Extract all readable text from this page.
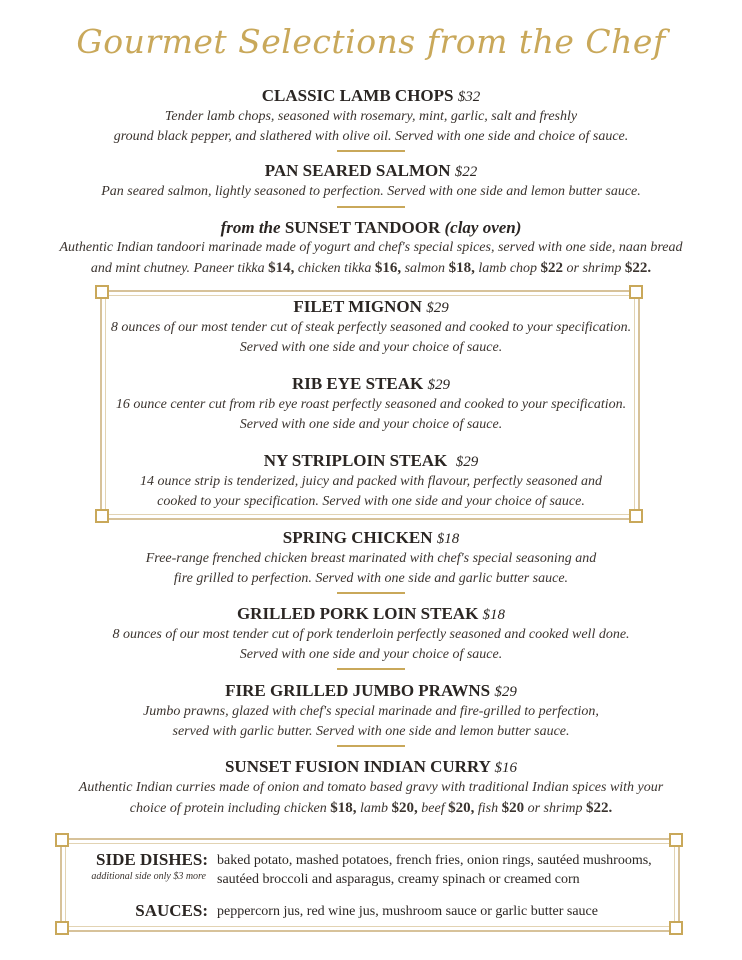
Gourmet Selections from the Chef
CLASSIC LAMB CHOPS $32
Tender lamb chops, seasoned with rosemary, mint, garlic, salt and freshly
ground black pepper, and slathered with olive oil. Served with one side and choice of sauce.
PAN SEARED SALMON $22
Pan seared salmon, lightly seasoned to perfection. Served with one side and lemon butter sauce.
from the SUNSET TANDOOR (clay oven)
Authentic Indian tandoori marinade made of yogurt and chef's special spices, served with one side, naan bread
and mint chutney. Paneer tikka $14, chicken tikka $16, salmon $18, lamb chop $22 or shrimp $22.
FILET MIGNON $29
8 ounces of our most tender cut of steak perfectly seasoned and cooked to your specification.
Served with one side and your choice of sauce.
RIB EYE STEAK $29
16 ounce center cut from rib eye roast perfectly seasoned and cooked to your specification.
Served with one side and your choice of sauce.
NY STRIPLOIN STEAK $29
14 ounce strip is tenderized, juicy and packed with flavour, perfectly seasoned and
cooked to your specification. Served with one side and your choice of sauce.
SPRING CHICKEN $18
Free-range frenched chicken breast marinated with chef's special seasoning and
fire grilled to perfection. Served with one side and garlic butter sauce.
GRILLED PORK LOIN STEAK $18
8 ounces of our most tender cut of pork tenderloin perfectly seasoned and cooked well done.
Served with one side and your choice of sauce.
FIRE GRILLED JUMBO PRAWNS $29
Jumbo prawns, glazed with chef's special marinade and fire-grilled to perfection,
served with garlic butter. Served with one side and lemon butter sauce.
SUNSET FUSION INDIAN CURRY $16
Authentic Indian curries made of onion and tomato based gravy with traditional Indian spices with your
choice of protein including chicken $18, lamb $20, beef $20, fish $20 or shrimp $22.
SIDE DISHES:
additional side only $3 more
baked potato, mashed potatoes, french fries, onion rings, sautéed mushrooms,
sautéed broccoli and asparagus, creamy spinach or creamed corn
SAUCES: peppercorn jus, red wine jus, mushroom sauce or garlic butter sauce
